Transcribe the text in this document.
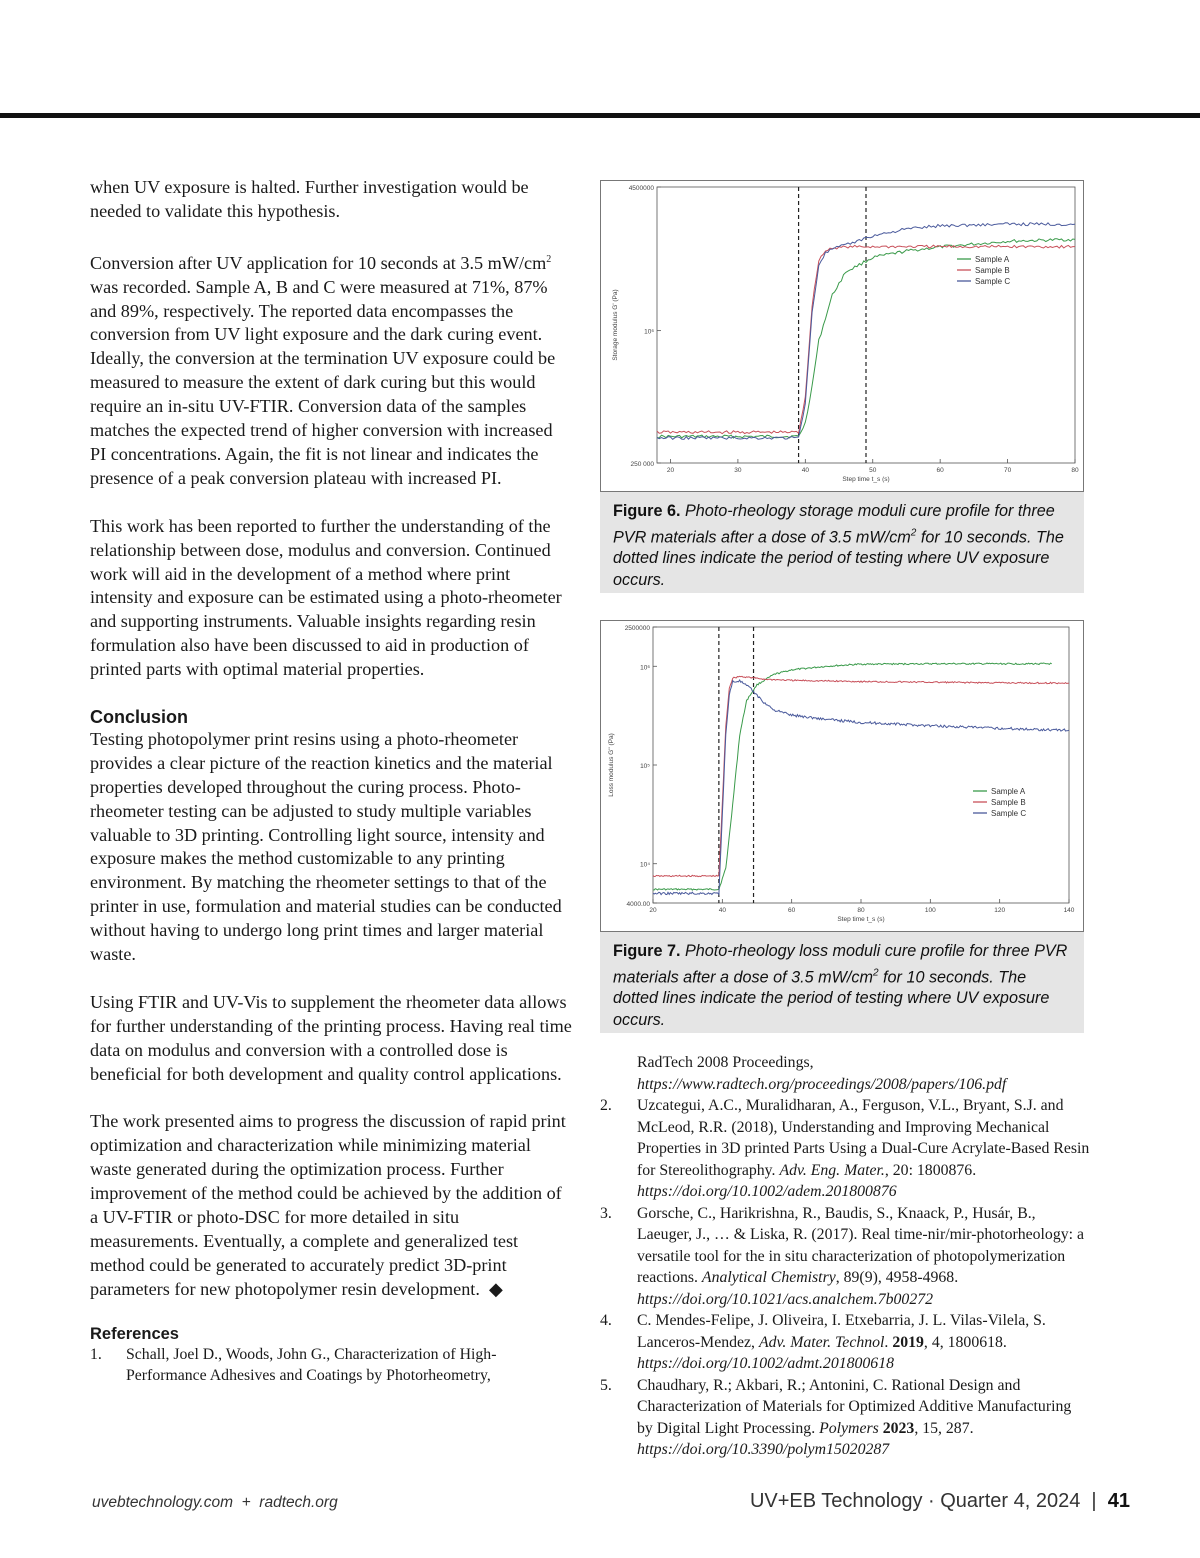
when UV exposure is halted. Further investigation would be needed to validate this hypothesis.

Conversion after UV application for 10 seconds at 3.5 $mW/cm^2$ was recorded. Sample A, B and C were measured at 71%, 87% and 89%, respectively. The reported data encompasses the conversion from UV light exposure and the dark curing event. Ideally, the conversion at the termination UV exposure could be measured to measure the extent of dark curing but this would require an in-situ UV-FTIR. Conversion data of the samples matches the expected trend of higher conversion with increased PI concentrations. Again, the fit is not linear and indicates the presence of a peak conversion plateau with increased PI.

This work has been reported to further the understanding of the relationship between dose, modulus and conversion. Continued work will aid in the development of a method where print intensity and exposure can be estimated using a photo-rheometer and supporting instruments. Valuable insights regarding resin formulation also have been discussed to aid in production of printed parts with optimal material properties.

Conclusion

Testing photopolymer print resins using a photo-rheometer provides a clear picture of the reaction kinetics and the material properties developed throughout the curing process. Photo-rheometer testing can be adjusted to study multiple variables valuable to 3D printing. Controlling light source, intensity and exposure makes the method customizable to any printing environment. By matching the rheometer settings to that of the printer in use, formulation and material studies can be conducted without having to undergo long print times and larger material waste.

Using FTIR and UV-Vis to supplement the rheometer data allows for further understanding of the printing process. Having real time data on modulus and conversion with a controlled dose is beneficial for both development and quality control applications.

The work presented aims to progress the discussion of rapid print optimization and characterization while minimizing material waste generated during the optimization process. Further improvement of the method could be achieved by the addition of a UV-FTIR or photo-DSC for more detailed in situ measurements. Eventually, a complete and generalized test method could be generated to accurately predict 3D-print parameters for new photopolymer resin development. ◆

References
1.	Schall, Joel D., Woods, John G., Characterization of High-Performance Adhesives and Coatings by Photorheometry,
4500000
10⁶
250 000
20	30	40	50	60	70	80
Step time t_s (s)
Storage modulus G' (Pa)
Sample A
Sample B
Sample C
Figure 6. Photo-rheology storage moduli cure profile for three PVR materials after a dose of 3.5 $mW/cm^2$ for 10 seconds. The dotted lines indicate the period of testing where UV exposure occurs.
2500000
10⁶
10⁵
10⁴
4000.00
20	40	60	80	100	120	140
Step time t_s (s)
Loss modulus G'' (Pa)	Sample A
Sample B
Sample C
Figure 7. Photo-rheology loss moduli cure profile for three PVR materials after a dose of 3.5 $mW/cm^2$ for 10 seconds. The dotted lines indicate the period of testing where UV exposure occurs.
RadTech 2008 Proceedings, https://www.radtech.org/proceedings/2008/papers/106.pdf
2.	Uzcategui, A.C., Muralidharan, A., Ferguson, V.L., Bryant, S.J. and McLeod, R.R. (2018), Understanding and Improving Mechanical Properties in 3D printed Parts Using a Dual-Cure Acrylate-Based Resin for Stereolithography. Adv. Eng. Mater., 20: 1800876. https://doi.org/10.1002/adem.201800876
3.	Gorsche, C., Harikrishna, R., Baudis, S., Knaack, P., Husár, B., Laeuger, J., … & Liska, R. (2017). Real time-nir/mir-photorheology: a versatile tool for the in situ characterization of photopolymerization reactions. Analytical Chemistry, 89(9), 4958-4968. https://doi.org/10.1021/acs.analchem.7b00272
4.	C. Mendes-Felipe, J. Oliveira, I. Etxebarria, J. L. Vilas-Vilela, S. Lanceros-Mendez, Adv. Mater. Technol. 2019, 4, 1800618. https://doi.org/10.1002/admt.201800618
5.	Chaudhary, R.; Akbari, R.; Antonini, C. Rational Design and Characterization of Materials for Optimized Additive Manufacturing by Digital Light Processing. Polymers 2023, 15, 287. https://doi.org/10.3390/polym15020287
uvebtechnology.com  +  radtech.org	UV+EB Technology · Quarter 4, 2024  |  41
